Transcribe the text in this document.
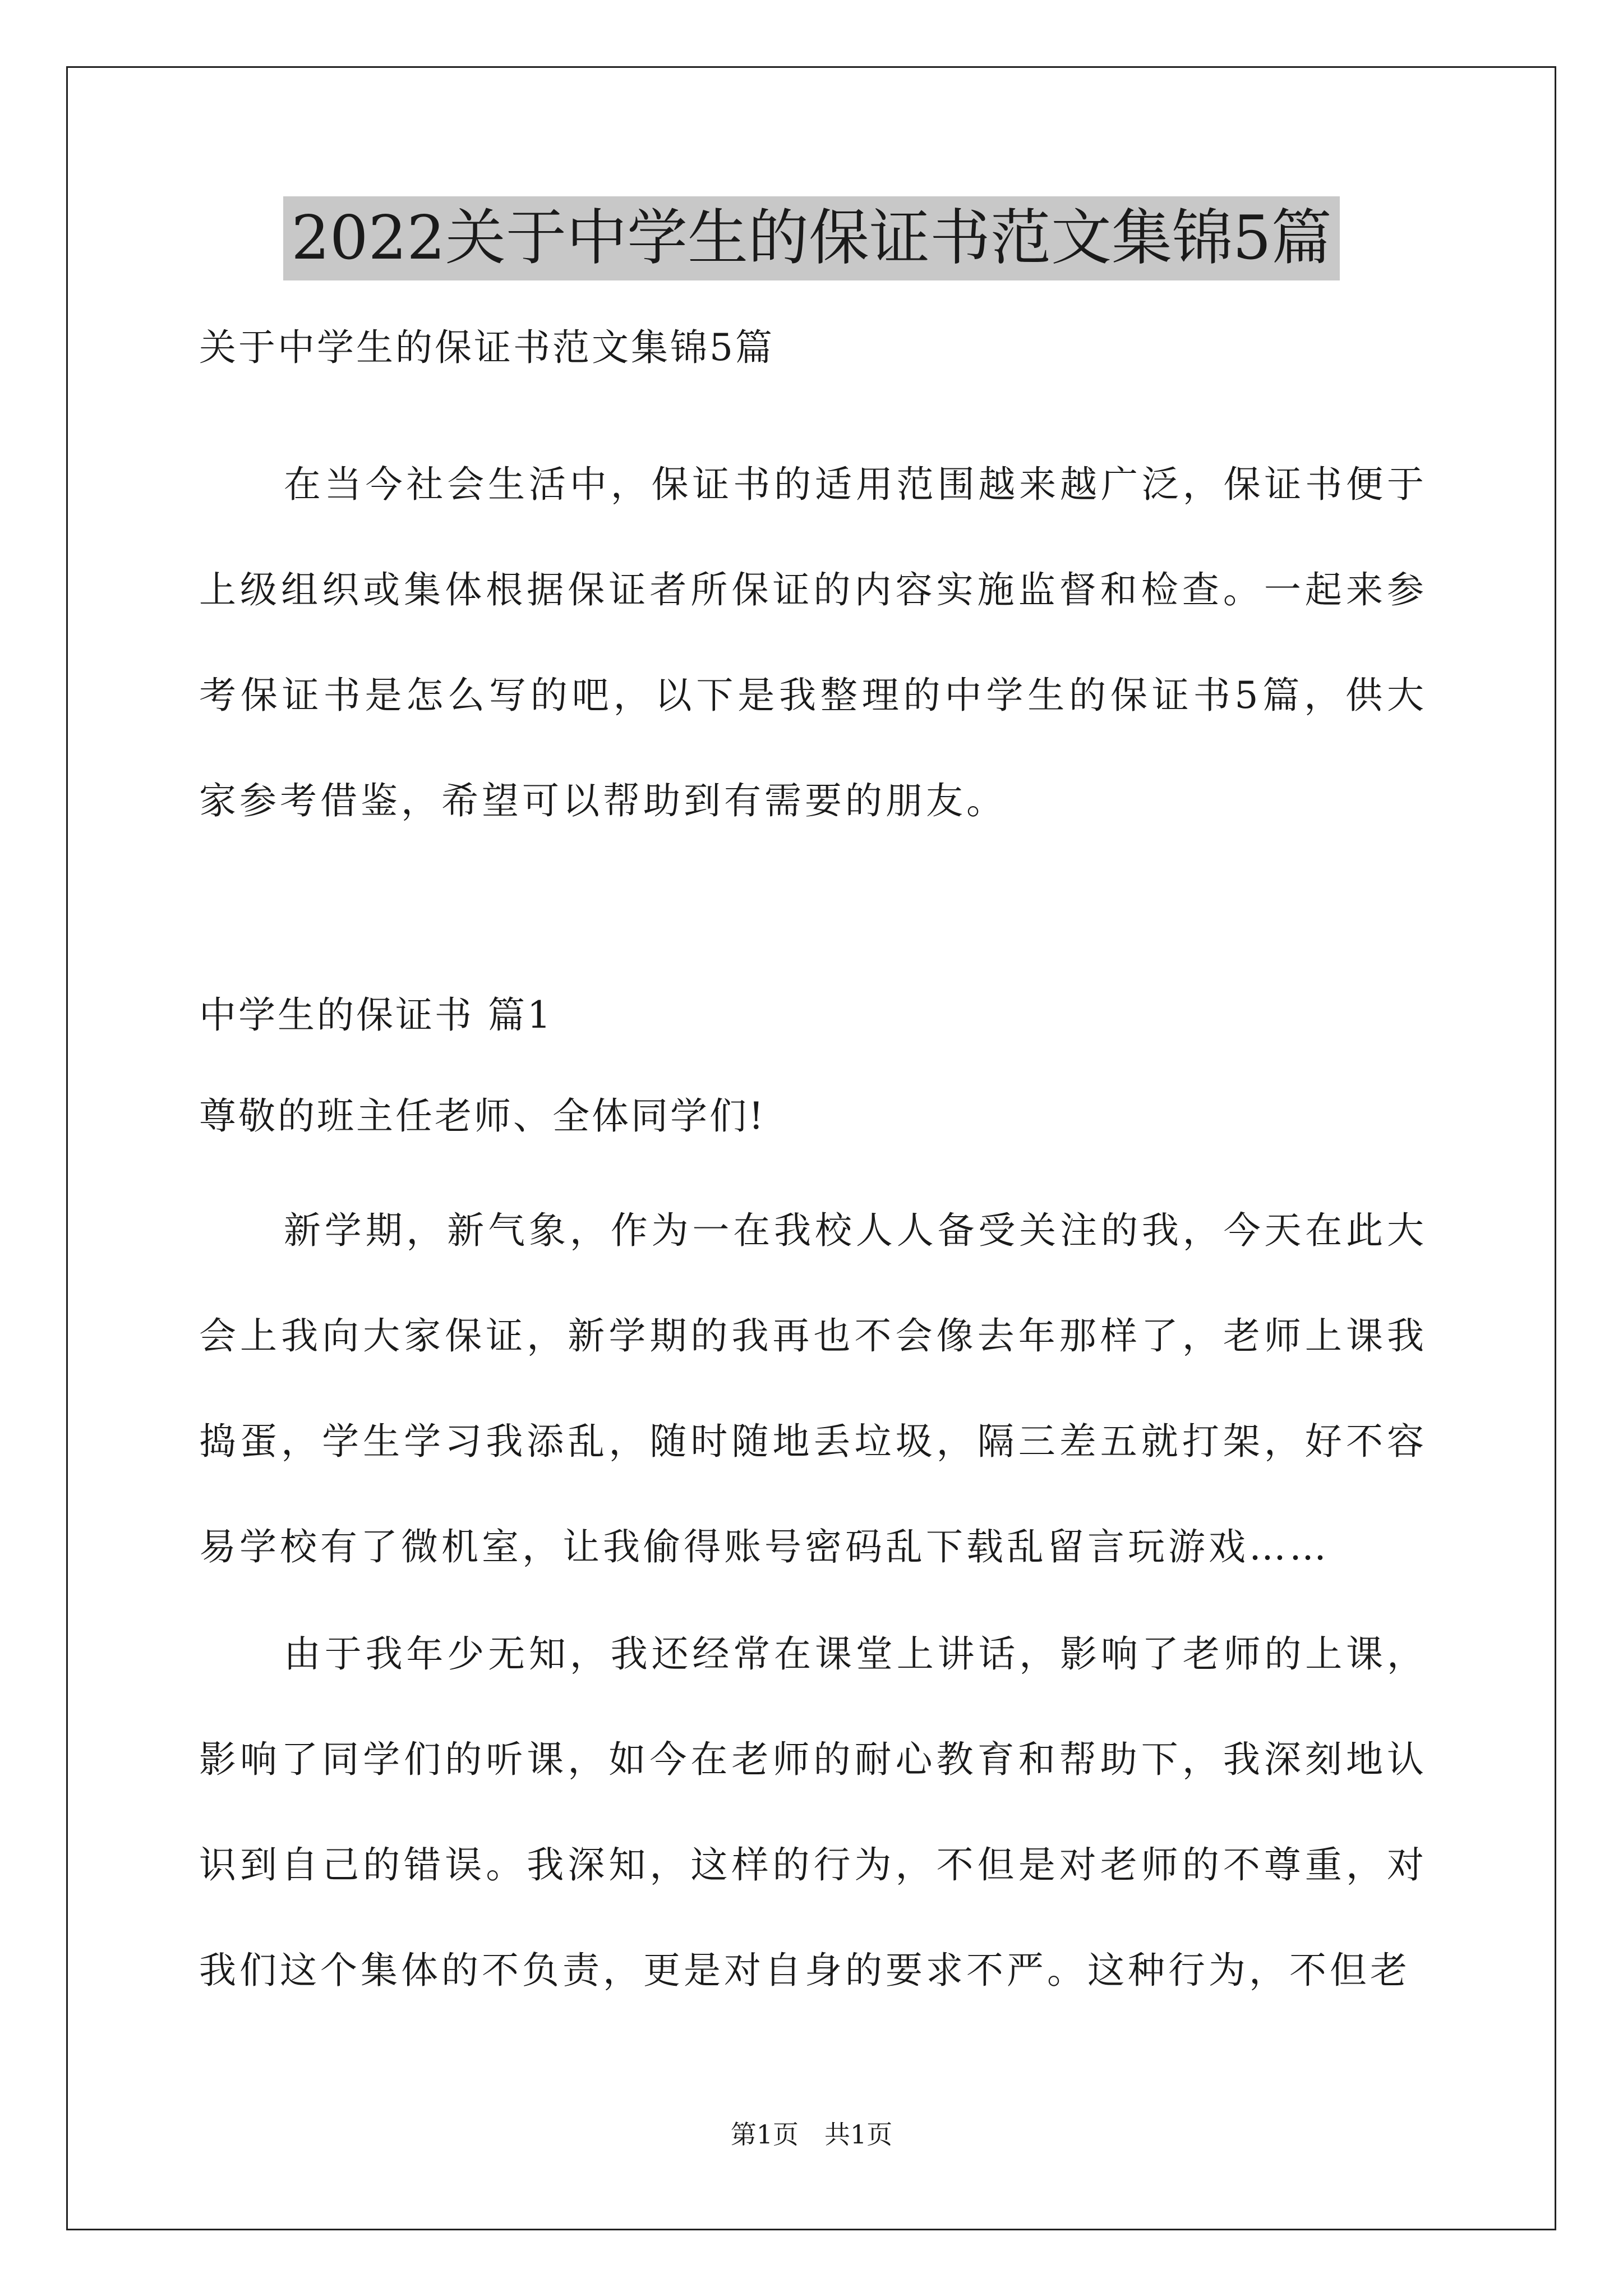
2022关于中学生的保证书范文集锦5篇
关于中学生的保证书范文集锦5篇
在当今社会生活中，保证书的适用范围越来越广泛，保证书便于上级组织或集体根据保证者所保证的内容实施监督和检查。一起来参考保证书是怎么写的吧，以下是我整理的中学生的保证书5篇，供大家参考借鉴，希望可以帮助到有需要的朋友。
中学生的保证书 篇1
尊敬的班主任老师、全体同学们!
新学期，新气象，作为一在我校人人备受关注的我，今天在此大会上我向大家保证，新学期的我再也不会像去年那样了，老师上课我捣蛋，学生学习我添乱，随时随地丢垃圾，隔三差五就打架，好不容易学校有了微机室，让我偷得账号密码乱下载乱留言玩游戏……
由于我年少无知，我还经常在课堂上讲话，影响了老师的上课，影响了同学们的听课，如今在老师的耐心教育和帮助下，我深刻地认识到自己的错误。我深知，这样的行为，不但是对老师的不尊重，对我们这个集体的不负责，更是对自身的要求不严。这种行为，不但老
第1页　共1页
